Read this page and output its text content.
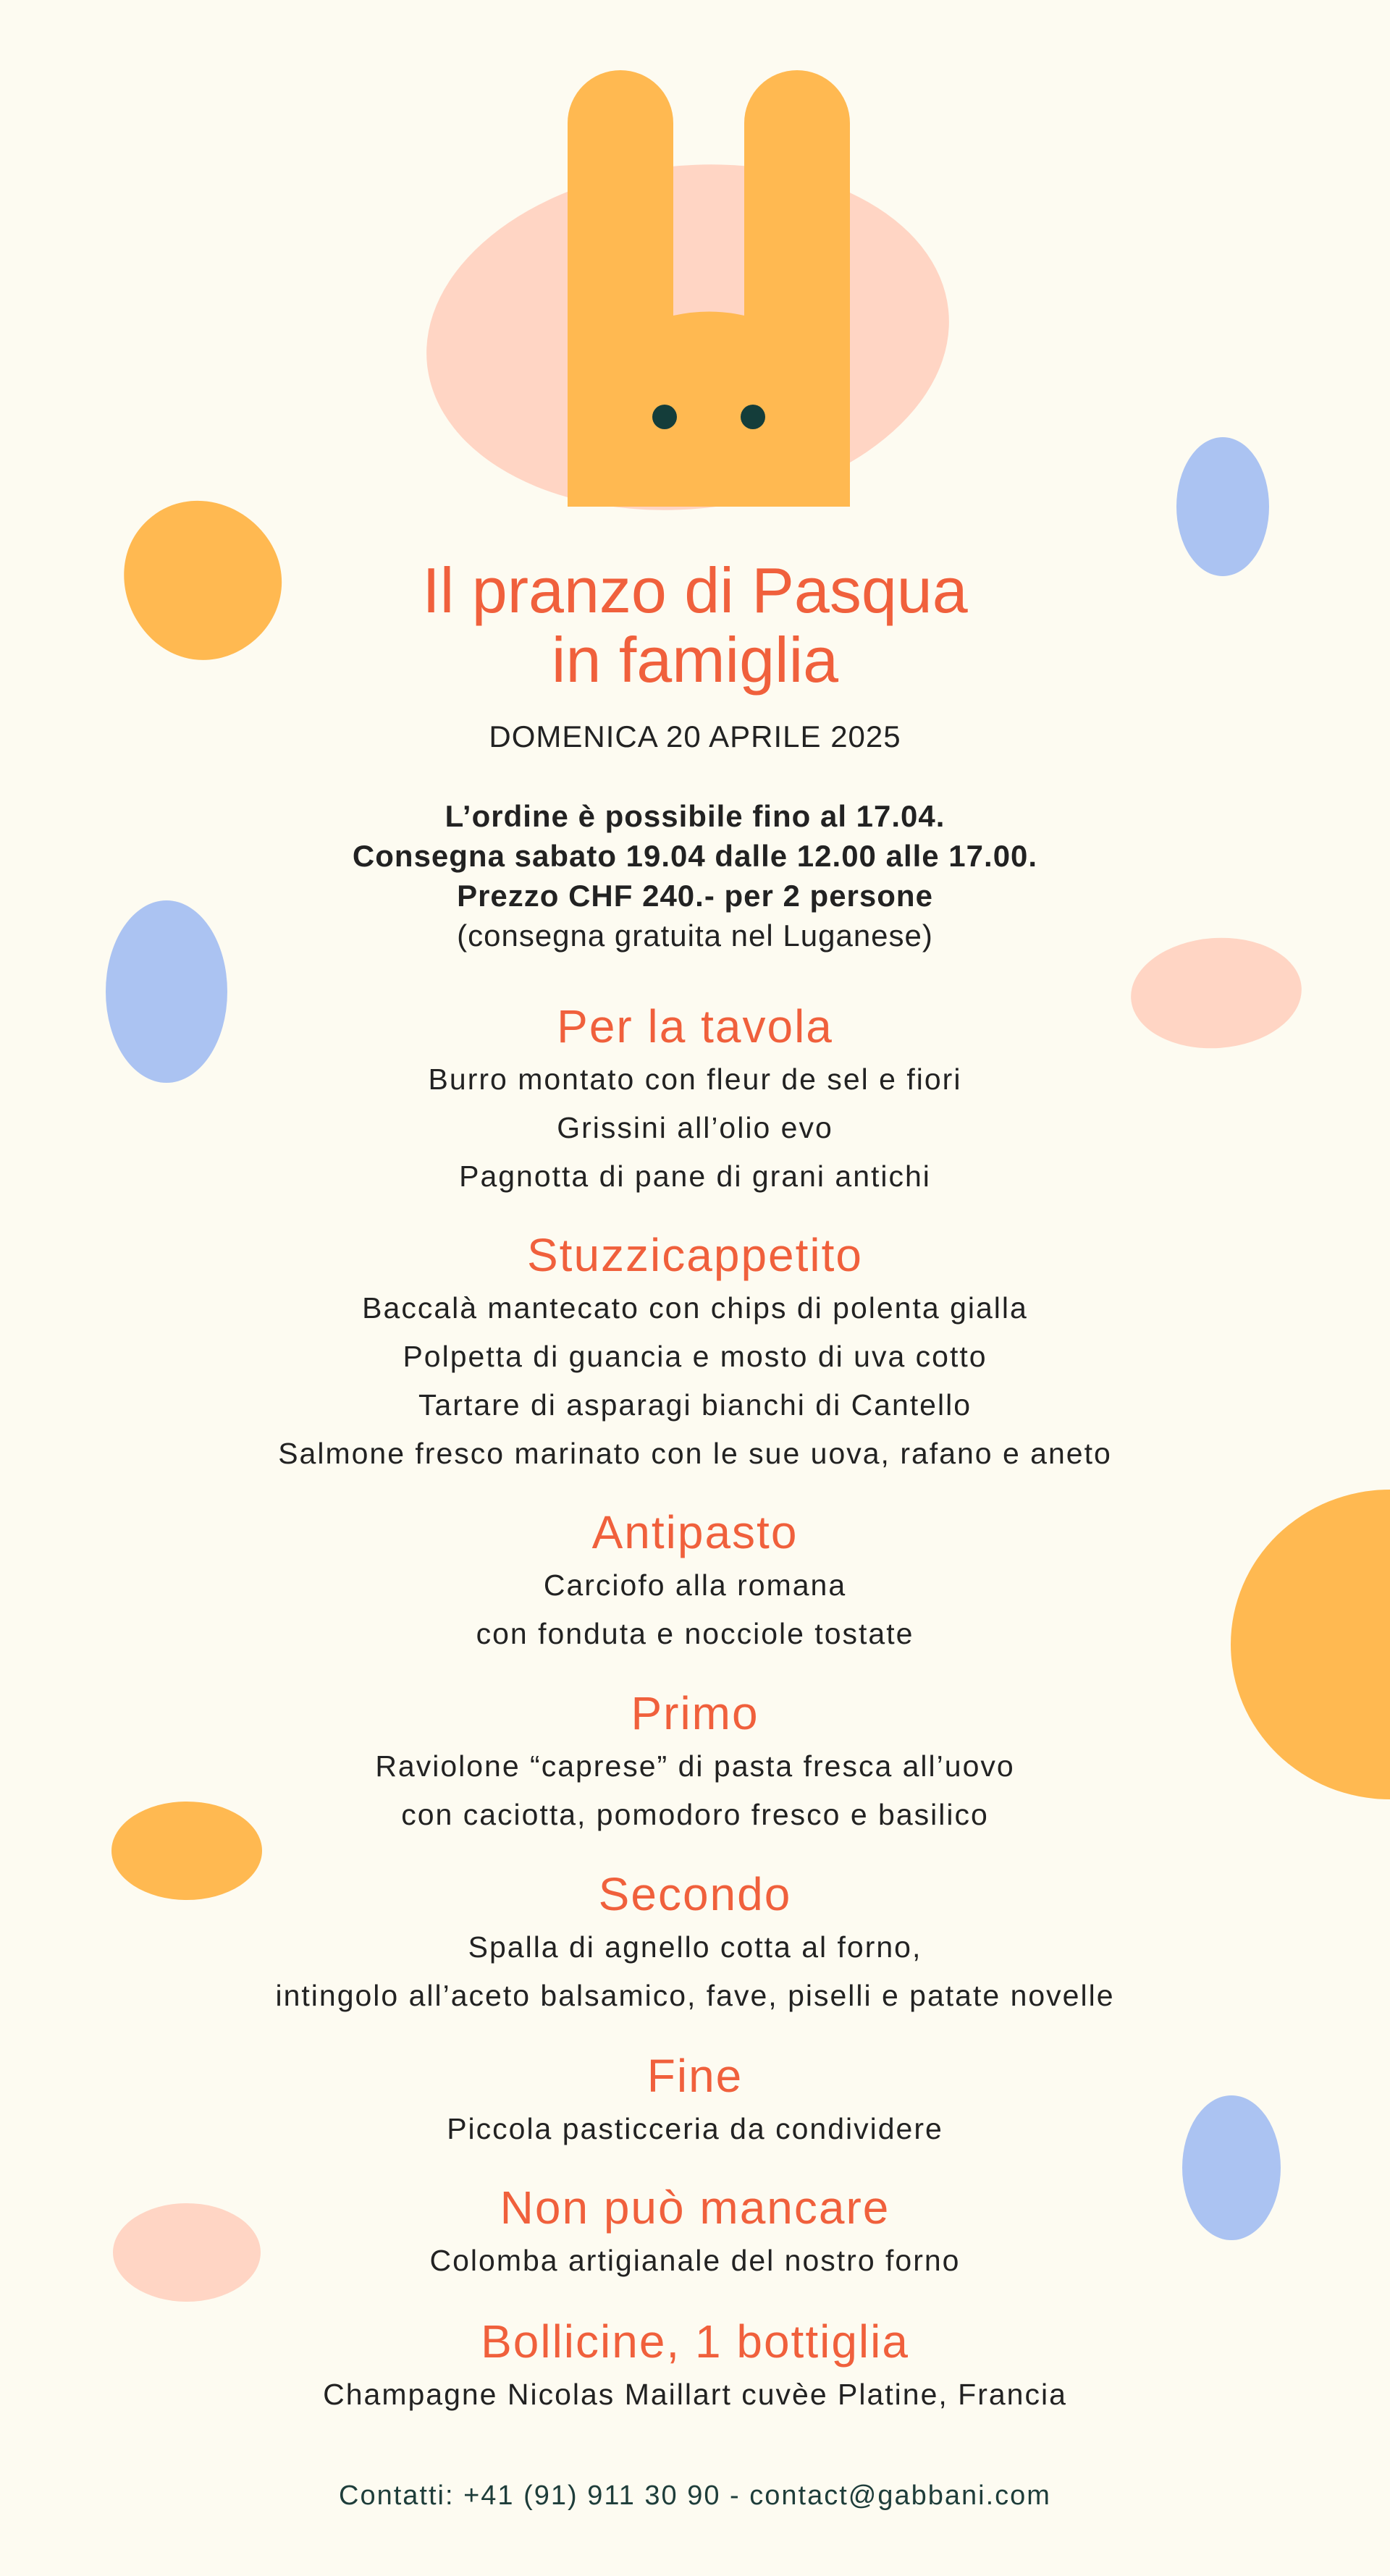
Il pranzo di Pasqua
in famiglia
DOMENICA 20 APRILE 2025
L’ordine è possibile fino al 17.04.
Consegna sabato 19.04 dalle 12.00 alle 17.00.
Prezzo CHF 240.- per 2 persone
(consegna gratuita nel Luganese)
Per la tavola
Burro montato con fleur de sel e fiori
Grissini all’olio evo
Pagnotta di pane di grani antichi
Stuzzicappetito
Baccalà mantecato con chips di polenta gialla
Polpetta di guancia e mosto di uva cotto
Tartare di asparagi bianchi di Cantello
Salmone fresco marinato con le sue uova, rafano e aneto
Antipasto
Carciofo alla romana
con fonduta e nocciole tostate
Primo
Raviolone “caprese” di pasta fresca all’uovo
con caciotta, pomodoro fresco e basilico
Secondo
Spalla di agnello cotta al forno,
intingolo all’aceto balsamico, fave, piselli e patate novelle
Fine
Piccola pasticceria da condividere
Non può mancare
Colomba artigianale del nostro forno
Bollicine, 1 bottiglia
Champagne Nicolas Maillart cuvèe Platine, Francia
Contatti: +41 (91) 911 30 90 - contact@gabbani.com
